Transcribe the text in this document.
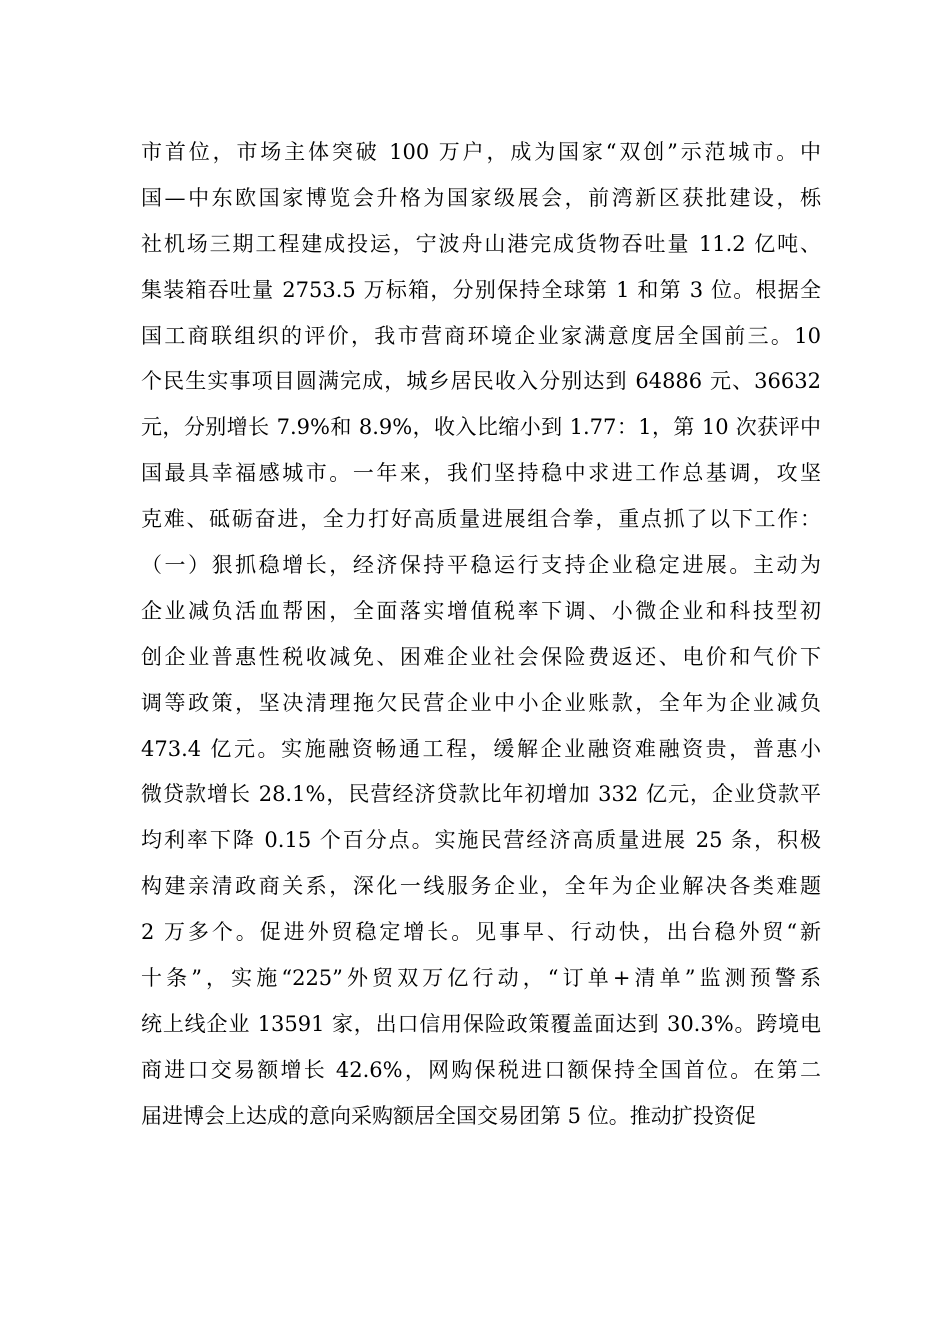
市首位，市场主体突破 100 万户，成为国家“双创”示范城市。中
国—中东欧国家博览会升格为国家级展会，前湾新区获批建设，栎
社机场三期工程建成投运，宁波舟山港完成货物吞吐量 11.2 亿吨、
集装箱吞吐量 2753.5 万标箱，分别保持全球第 1 和第 3 位。根据全
国工商联组织的评价，我市营商环境企业家满意度居全国前三。10
个民生实事项目圆满完成，城乡居民收入分别达到 64886 元、36632
元，分别增长 7.9%和 8.9%，收入比缩小到 1.77：1，第 10 次获评中
国最具幸福感城市。一年来，我们坚持稳中求进工作总基调，攻坚
克难、砥砺奋进，全力打好高质量进展组合拳，重点抓了以下工作：
（一）狠抓稳增长，经济保持平稳运行支持企业稳定进展。主动为
企业减负活血帮困，全面落实增值税率下调、小微企业和科技型初
创企业普惠性税收减免、困难企业社会保险费返还、电价和气价下
调等政策，坚决清理拖欠民营企业中小企业账款，全年为企业减负
473.4 亿元。实施融资畅通工程，缓解企业融资难融资贵，普惠小
微贷款增长 28.1%，民营经济贷款比年初增加 332 亿元，企业贷款平
均利率下降 0.15 个百分点。实施民营经济高质量进展 25 条，积极
构建亲清政商关系，深化一线服务企业，全年为企业解决各类难题
2 万多个。促进外贸稳定增长。见事早、行动快，出台稳外贸“新
十条”，实施“225”外贸双万亿行动，“订单+清单”监测预警系
统上线企业 13591 家，出口信用保险政策覆盖面达到 30.3%。跨境电
商进口交易额增长 42.6%，网购保税进口额保持全国首位。在第二
届进博会上达成的意向采购额居全国交易团第 5 位。推动扩投资促
